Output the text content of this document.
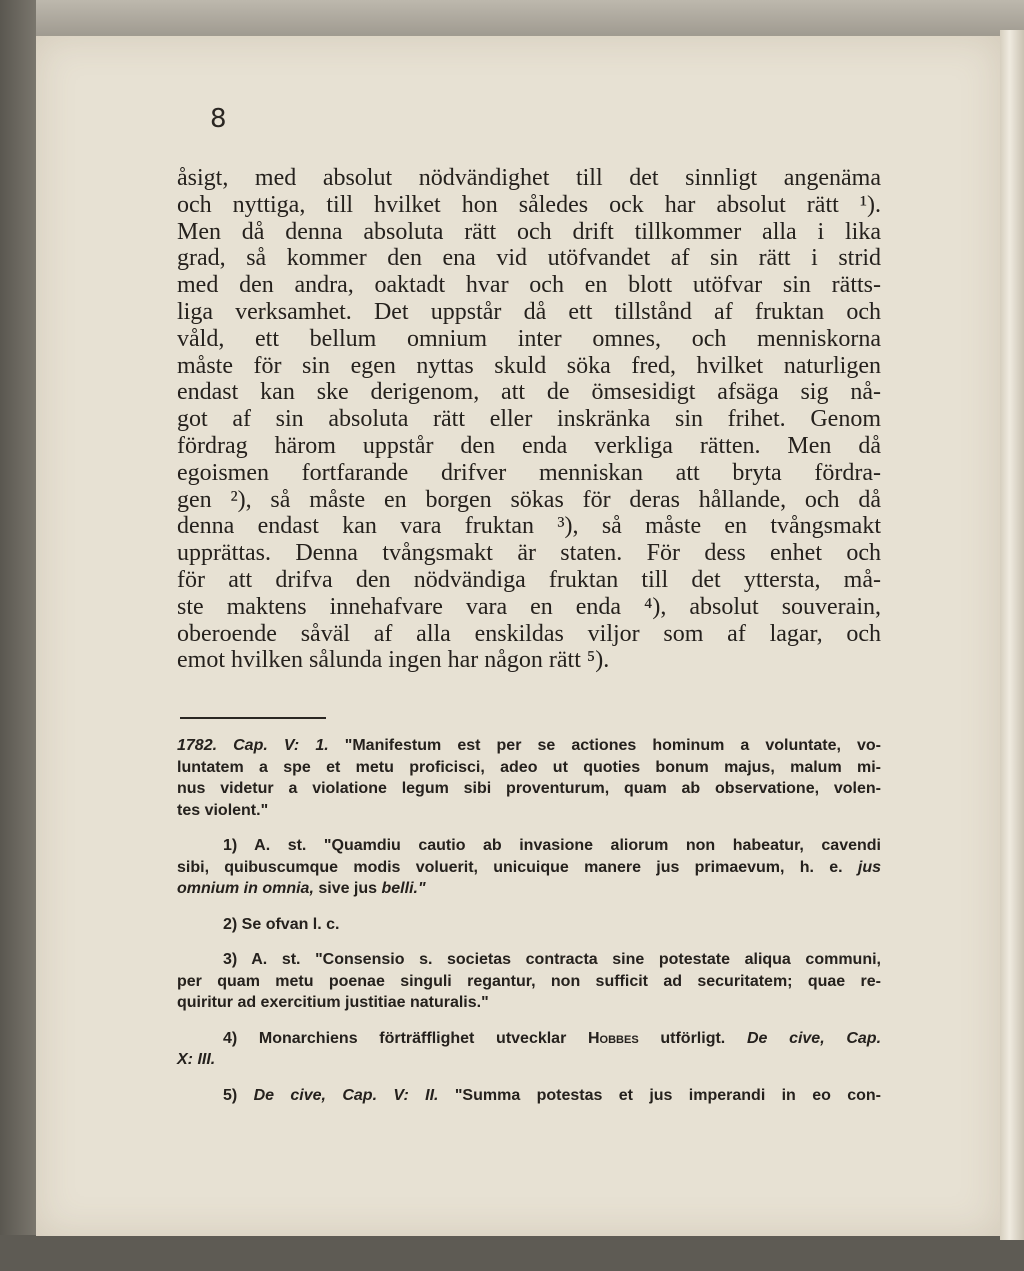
8
åsigt, med absolut nödvändighet till det sinnligt angenäma
och nyttiga, till hvilket hon således ock har absolut rätt ¹).
Men då denna absoluta rätt och drift tillkommer alla i lika
grad, så kommer den ena vid utöfvandet af sin rätt i strid
med den andra, oaktadt hvar och en blott utöfvar sin rätts-
liga verksamhet. Det uppstår då ett tillstånd af fruktan och
våld, ett bellum omnium inter omnes, och menniskorna
måste för sin egen nyttas skuld söka fred, hvilket naturligen
endast kan ske derigenom, att de ömsesidigt afsäga sig nå-
got af sin absoluta rätt eller inskränka sin frihet. Genom
fördrag härom uppstår den enda verkliga rätten. Men då
egoismen fortfarande drifver menniskan att bryta fördra-
gen ²), så måste en borgen sökas för deras hållande, och då
denna endast kan vara fruktan ³), så måste en tvångsmakt
upprättas. Denna tvångsmakt är staten. För dess enhet och
för att drifva den nödvändiga fruktan till det yttersta, må-
ste maktens innehafvare vara en enda ⁴), absolut souverain,
oberoende såväl af alla enskildas viljor som af lagar, och
emot hvilken sålunda ingen har någon rätt ⁵).
1782. Cap. V: 1. "Manifestum est per se actiones hominum a voluntate, vo-
luntatem a spe et metu proficisci, adeo ut quoties bonum majus, malum mi-
nus videtur a violatione legum sibi proventurum, quam ab observatione, volen-
tes violent."
1) A. st. "Quamdiu cautio ab invasione aliorum non habeatur, cavendi
sibi, quibuscumque modis voluerit, unicuique manere jus primaevum, h. e. jus
omnium in omnia, sive jus belli."
2) Se ofvan l. c.
3) A. st. "Consensio s. societas contracta sine potestate aliqua communi,
per quam metu poenae singuli regantur, non sufficit ad securitatem; quae re-
quiritur ad exercitium justitiae naturalis."
4) Monarchiens förträfflighet utvecklar Hobbes utförligt. De cive, Cap.
X: III.
5) De cive, Cap. V: II. "Summa potestas et jus imperandi in eo con-
